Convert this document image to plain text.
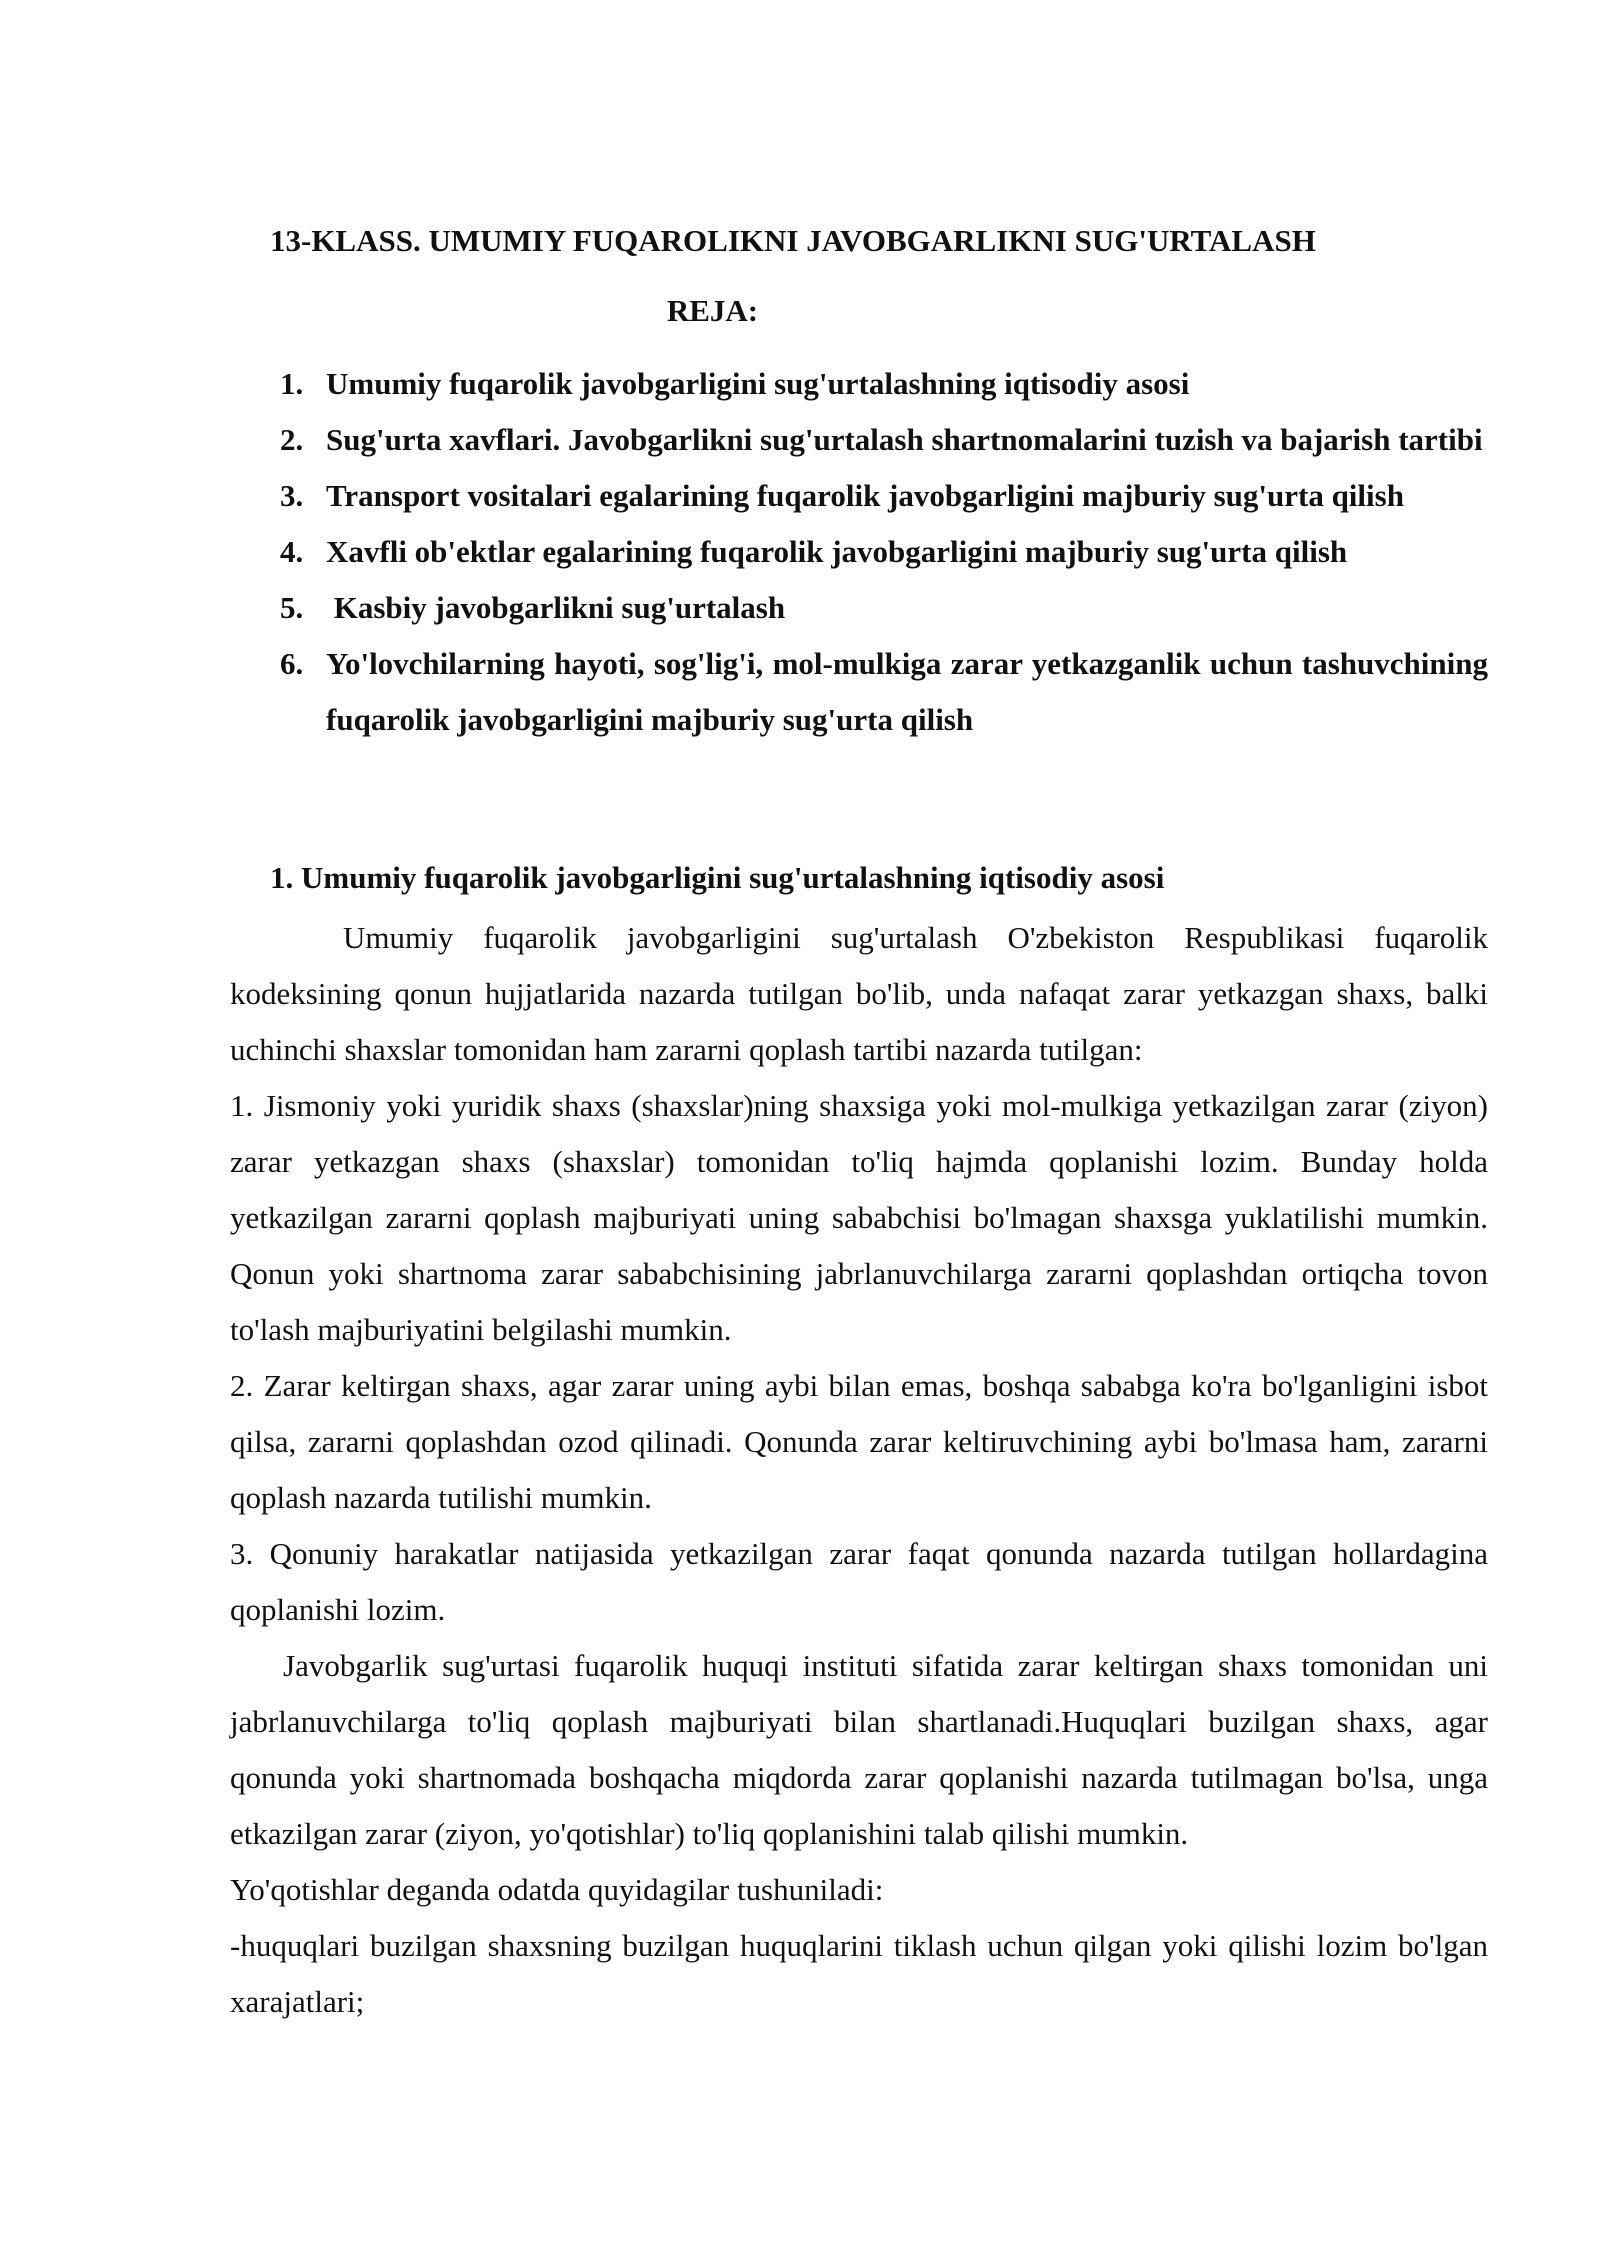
13-KLASS. UMUMIY FUQAROLIKNI JAVOBGARLIKNI SUG'URTALASH
REJA:
1. Umumiy fuqarolik javobgarligini sug'urtalashning iqtisodiy asosi
2. Sug'urta xavflari. Javobgarlikni sug'urtalash shartnomalarini tuzish va bajarish tartibi
3. Transport vositalari egalarining fuqarolik javobgarligini majburiy sug'urta qilish
4. Xavfli ob'ektlar egalarining fuqarolik javobgarligini majburiy sug'urta qilish
5. Kasbiy javobgarlikni sug'urtalash
6. Yo'lovchilarning hayoti, sog'lig'i, mol-mulkiga zarar yetkazganlik uchun tashuvchining fuqarolik javobgarligini majburiy sug'urta qilish
1. Umumiy fuqarolik javobgarligini sug'urtalashning iqtisodiy asosi

Umumiy fuqarolik javobgarligini sug'urtalash O'zbekiston Respublikasi fuqarolik kodeksining qonun hujjatlarida nazarda tutilgan bo'lib, unda nafaqat zarar yetkazgan shaxs, balki uchinchi shaxslar tomonidan ham zararni qoplash tartibi nazarda tutilgan:

1. Jismoniy yoki yuridik shaxs (shaxslar)ning shaxsiga yoki mol-mulkiga yetkazilgan zarar (ziyon) zarar yetkazgan shaxs (shaxslar) tomonidan to'liq hajmda qoplanishi lozim. Bunday holda yetkazilgan zararni qoplash majburiyati uning sababchisi bo'lmagan shaxsga yuklatilishi mumkin. Qonun yoki shartnoma zarar sababchisining jabrlanuvchilarga zararni qoplashdan ortiqcha tovon to'lash majburiyatini belgilashi mumkin.

2. Zarar keltirgan shaxs, agar zarar uning aybi bilan emas, boshqa sababga ko'ra bo'lganligini isbot qilsa, zararni qoplashdan ozod qilinadi. Qonunda zarar keltiruvchining aybi bo'lmasa ham, zararni qoplash nazarda tutilishi mumkin.

3. Qonuniy harakatlar natijasida yetkazilgan zarar faqat qonunda nazarda tutilgan hollardagina qoplanishi lozim.

Javobgarlik sug'urtasi fuqarolik huquqi instituti sifatida zarar keltirgan shaxs tomonidan uni jabrlanuvchilarga to'liq qoplash majburiyati bilan shartlanadi.Huquqlari buzilgan shaxs, agar qonunda yoki shartnomada boshqacha miqdorda zarar qoplanishi nazarda tutilmagan bo'lsa, unga etkazilgan zarar (ziyon, yo'qotishlar) to'liq qoplanishini talab qilishi mumkin.

Yo'qotishlar deganda odatda quyidagilar tushuniladi:

-huquqlari buzilgan shaxsning buzilgan huquqlarini tiklash uchun qilgan yoki qilishi lozim bo'lgan xarajatlari;
